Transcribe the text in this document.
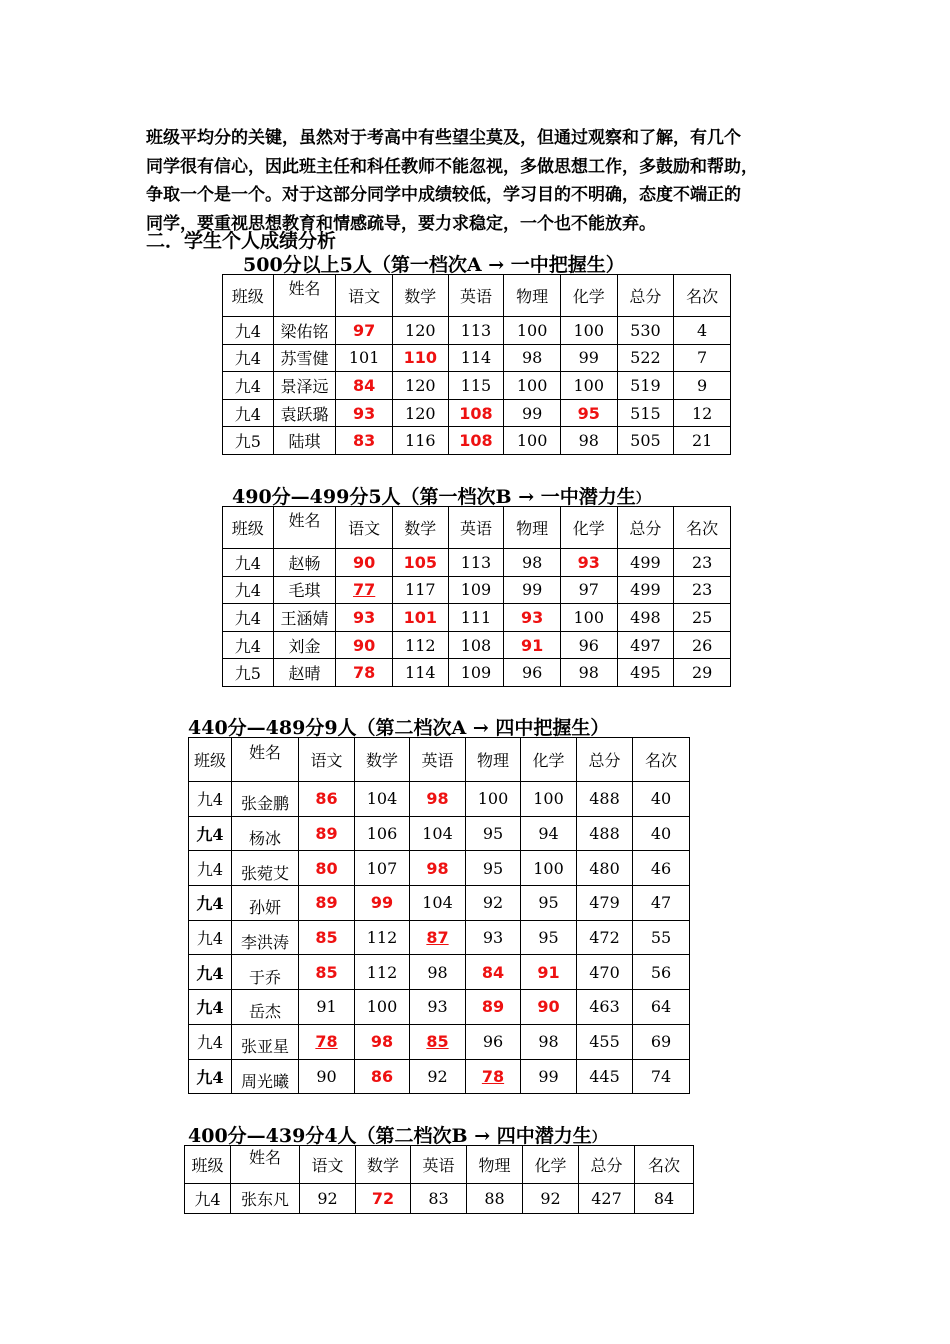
班级平均分的关键，虽然对于考高中有些望尘莫及，但通过观察和了解，有几个

同学很有信心，因此班主任和科任教师不能忽视，多做思想工作，多鼓励和帮助，

争取一个是一个。对于这部分同学中成绩较低，学习目的不明确，态度不端正的

同学，要重视思想教育和情感疏导，要力求稳定，一个也不能放弃。

二．学生个人成绩分析
500分以上5人（第一档次A → 一中把握生）
班级	姓名	语文	数学	英语	物理	化学	总分	名次
九4	梁佑铭	97	120	113	100	100	530	4
九4	苏雪健	101	110	114	98	99	522	7
九4	景泽远	84	120	115	100	100	519	9
九4	袁跃璐	93	120	108	99	95	515	12
九5	陆琪	83	116	108	100	98	505	21
490分—499分5人（第一档次B → 一中潜力生）
班级	姓名	语文	数学	英语	物理	化学	总分	名次
九4	赵畅	90	105	113	98	93	499	23
九4	毛琪	77	117	109	99	97	499	23
九4	王涵婧	93	101	111	93	100	498	25
九4	刘金	90	112	108	91	96	497	26
九5	赵晴	78	114	109	96	98	495	29
440分—489分9人（第二档次A → 四中把握生）
班级	姓名	语文	数学	英语	物理	化学	总分	名次
九4	张金鹏	86	104	98	100	100	488	40
九4	杨冰	89	106	104	95	94	488	40
九4	张菀艾	80	107	98	95	100	480	46
九4	孙妍	89	99	104	92	95	479	47
九4	李洪涛	85	112	87	93	95	472	55
九4	于乔	85	112	98	84	91	470	56
九4	岳杰	91	100	93	89	90	463	64
九4	张亚星	78	98	85	96	98	455	69
九4	周光曦	90	86	92	78	99	445	74
400分—439分4人（第二档次B → 四中潜力生）
班级	姓名	语文	数学	英语	物理	化学	总分	名次
九4	张东凡	92	72	83	88	92	427	84
